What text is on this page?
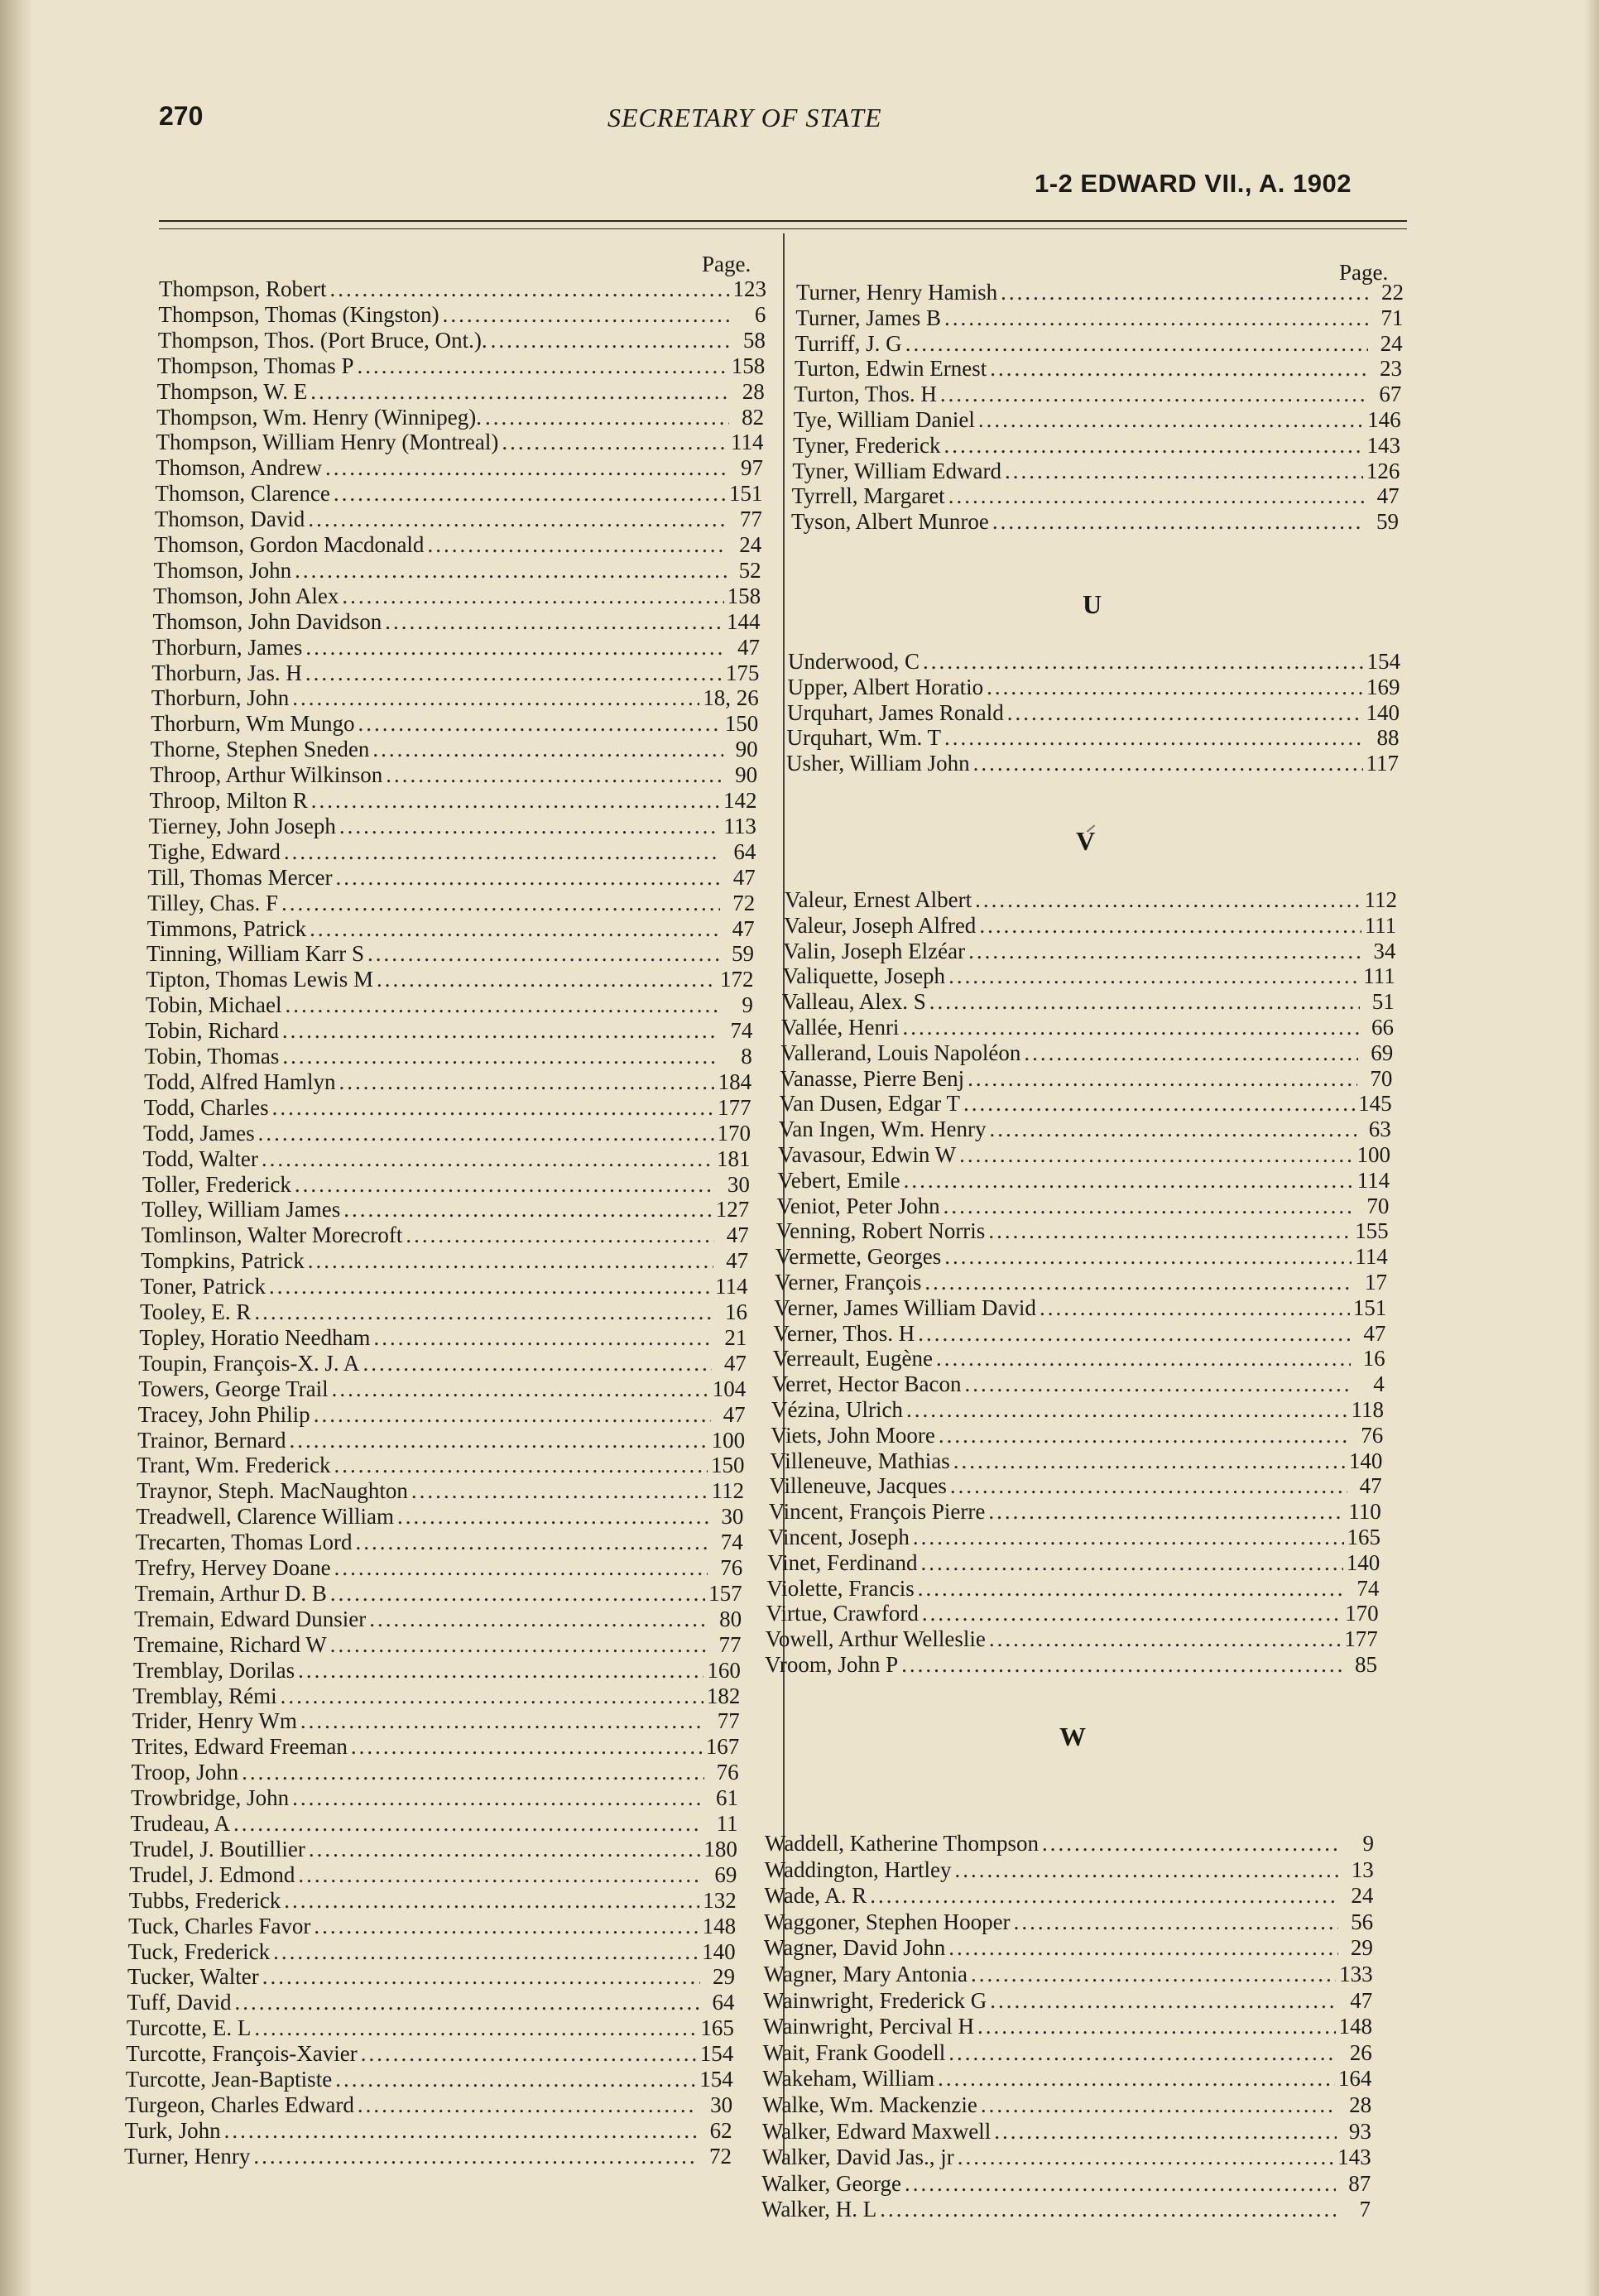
270	SECRETARY OF STATE
1-2 EDWARD VII., A. 1902
Page.	Page.
Thompson, Robert .....	123
Thompson, Thomas (Kingston) .....	6
Thompson, Thos. (Port Bruce, Ont.). .....	58
Thompson, Thomas P .....	158
Thompson, W. E .....	28
Thompson, Wm. Henry (Winnipeg). .....	82
Thompson, William Henry (Montreal) .....	114
Thomson, Andrew .....	97
Thomson, Clarence .....	151
Thomson, David .....	77
Thomson, Gordon Macdonald .....	24
Thomson, John .....	52
Thomson, John Alex .....	158
Thomson, John Davidson .....	144
Thorburn, James .....	47
Thorburn, Jas. H .....	175
Thorburn, John .....	18, 26
Thorburn, Wm Mungo .....	150
Thorne, Stephen Sneden .....	90
Throop, Arthur Wilkinson .....	90
Throop, Milton R .....	142
Tierney, John Joseph .....	113
Tighe, Edward .....	64
Till, Thomas Mercer .....	47
Tilley, Chas. F .....	72
Timmons, Patrick .....	47
Tinning, William Karr S .....	59
Tipton, Thomas Lewis M .....	172
Tobin, Michael .....	9
Tobin, Richard .....	74
Tobin, Thomas .....	8
Todd, Alfred Hamlyn .....	184
Todd, Charles .....	177
Todd, James .....	170
Todd, Walter .....	181
Toller, Frederick .....	30
Tolley, William James .....	127
Tomlinson, Walter Morecroft .....	47
Tompkins, Patrick .....	47
Toner, Patrick .....	114
Tooley, E. R .....	16
Topley, Horatio Needham .....	21
Toupin, François-X. J. A .....	47
Towers, George Trail .....	104
Tracey, John Philip .....	47
Trainor, Bernard .....	100
Trant, Wm. Frederick .....	150
Traynor, Steph. MacNaughton .....	112
Treadwell, Clarence William .....	30
Trecarten, Thomas Lord .....	74
Trefry, Hervey Doane .....	76
Tremain, Arthur D. B .....	157
Tremain, Edward Dunsier .....	80
Tremaine, Richard W .....	77
Tremblay, Dorilas .....	160
Tremblay, Rémi .....	182
Trider, Henry Wm .....	77
Trites, Edward Freeman .....	167
Troop, John .....	76
Trowbridge, John .....	61
Trudeau, A .....	11
Trudel, J. Boutillier .....	180
Trudel, J. Edmond .....	69
Tubbs, Frederick .....	132
Tuck, Charles Favor .....	148
Tuck, Frederick .....	140
Tucker, Walter .....	29
Tuff, David .....	64
Turcotte, E. L .....	165
Turcotte, François-Xavier .....	154
Turcotte, Jean-Baptiste .....	154
Turgeon, Charles Edward .....	30
Turk, John .....	62
Turner, Henry .....	72
Turner, Henry Hamish .....	22
Turner, James B .....	71
Turriff, J. G .....	24
Turton, Edwin Ernest .....	23
Turton, Thos. H .....	67
Tye, William Daniel .....	146
Tyner, Frederick .....	143
Tyner, William Edward .....	126
Tyrrell, Margaret .....	47
Tyson, Albert Munroe .....	59
U
Underwood, C .....	154
Upper, Albert Horatio .....	169
Urquhart, James Ronald .....	140
Urquhart, Wm. T .....	88
Usher, William John .....	117
V
Valeur, Ernest Albert .....	112
Valeur, Joseph Alfred .....	111
Valin, Joseph Elzéar .....	34
Valiquette, Joseph .....	111
Valleau, Alex. S .....	51
Vallée, Henri .....	66
Vallerand, Louis Napoléon .....	69
Vanasse, Pierre Benj .....	70
Van Dusen, Edgar T .....	145
Van Ingen, Wm. Henry .....	63
Vavasour, Edwin W .....	100
Vebert, Emile .....	114
Veniot, Peter John .....	70
Venning, Robert Norris .....	155
Vermette, Georges .....	114
Verner, François .....	17
Verner, James William David .....	151
Verner, Thos. H .....	47
Verreault, Eugène .....	16
Verret, Hector Bacon .....	4
Vézina, Ulrich .....	118
Viets, John Moore .....	76
Villeneuve, Mathias .....	140
Villeneuve, Jacques .....	47
Vincent, François Pierre .....	110
Vincent, Joseph .....	165
Vinet, Ferdinand .....	140
Violette, Francis .....	74
Virtue, Crawford .....	170
Vowell, Arthur Welleslie .....	177
Vroom, John P .....	85
W
Waddell, Katherine Thompson .....	9
Waddington, Hartley .....	13
Wade, A. R .....	24
Waggoner, Stephen Hooper .....	56
Wagner, David John .....	29
Wagner, Mary Antonia .....	133
Wainwright, Frederick G .....	47
Wainwright, Percival H .....	148
Wait, Frank Goodell .....	26
Wakeham, William .....	164
Walke, Wm. Mackenzie .....	28
Walker, Edward Maxwell .....	93
Walker, David Jas., jr .....	143
Walker, George .....	87
Walker, H. L .....	7
